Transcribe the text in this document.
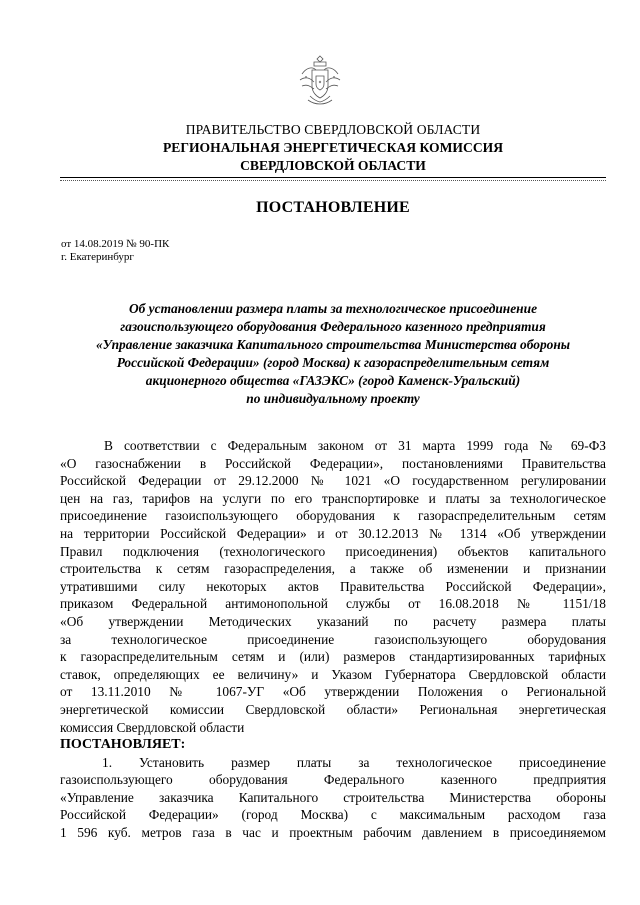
ПРАВИТЕЛЬСТВО СВЕРДЛОВСКОЙ ОБЛАСТИ
РЕГИОНАЛЬНАЯ ЭНЕРГЕТИЧЕСКАЯ КОМИССИЯ
СВЕРДЛОВСКОЙ ОБЛАСТИ
ПОСТАНОВЛЕНИЕ
от 14.08.2019 № 90-ПК
г. Екатеринбург
Об установлении размера платы за технологическое присоединение
газоиспользующего оборудования Федерального казенного предприятия
«Управление заказчика Капитального строительства Министерства обороны
Российской Федерации» (город Москва) к газораспределительным сетям
акционерного общества «ГАЗЭКС» (город Каменск-Уральский)
по индивидуальному проекту
В соответствии с Федеральным законом от 31 марта 1999 года № 69-ФЗ
«О газоснабжении в Российской Федерации», постановлениями Правительства
Российской Федерации от 29.12.2000 № 1021 «О государственном регулировании
цен на газ, тарифов на услуги по его транспортировке и платы за технологическое
присоединение газоиспользующего оборудования к газораспределительным сетям
на территории Российской Федерации» и от 30.12.2013 № 1314 «Об утверждении
Правил подключения (технологического присоединения) объектов капитального
строительства к сетям газораспределения, а также об изменении и признании
утратившими силу некоторых актов Правительства Российской Федерации»,
приказом Федеральной антимонопольной службы от 16.08.2018 № 1151/18
«Об утверждении Методических указаний по расчету размера платы
за технологическое присоединение газоиспользующего оборудования
к газораспределительным сетям и (или) размеров стандартизированных тарифных
ставок, определяющих ее величину» и Указом Губернатора Свердловской области
от 13.11.2010 № 1067-УГ «Об утверждении Положения о Региональной
энергетической комиссии Свердловской области» Региональная энергетическая
комиссия Свердловской области
ПОСТАНОВЛЯЕТ:
1. Установить размер платы за технологическое присоединение
газоиспользующего оборудования Федерального казенного предприятия
«Управление заказчика Капитального строительства Министерства обороны
Российской Федерации» (город Москва) с максимальным расходом газа
1 596 куб. метров газа в час и проектным рабочим давлением в присоединяемом
